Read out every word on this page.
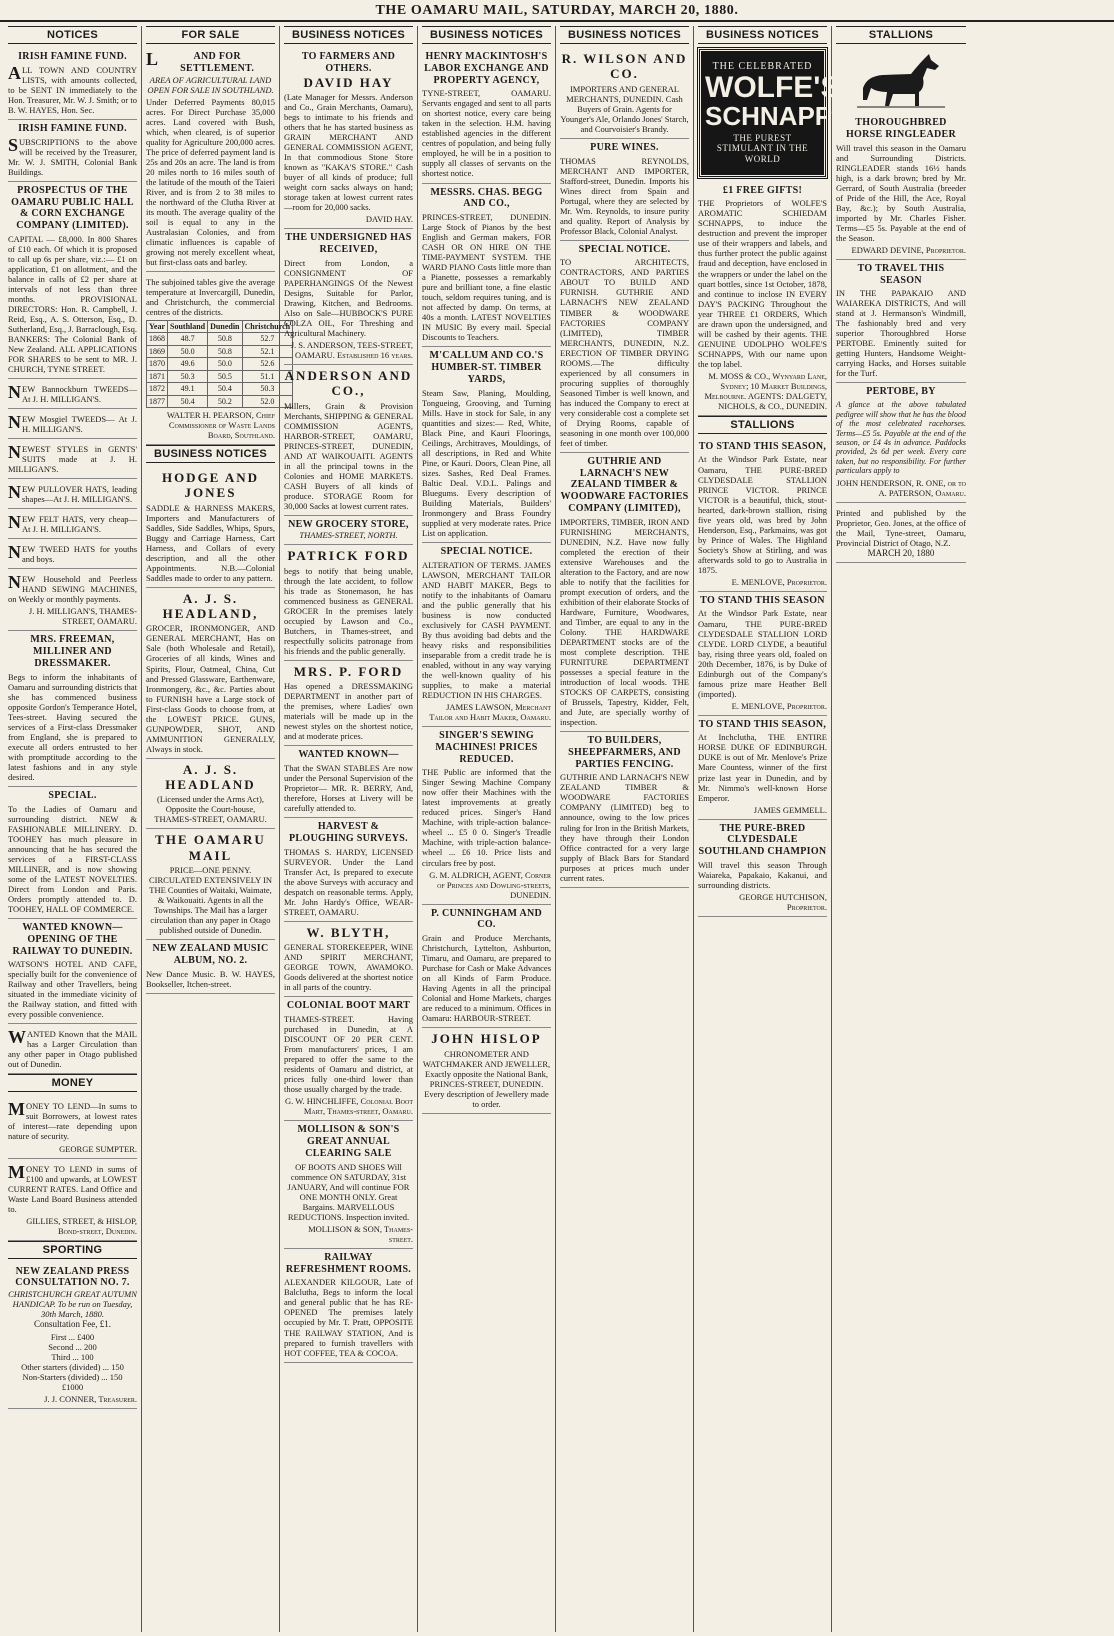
THE OAMARU MAIL, SATURDAY, MARCH 20, 1880.
NOTICES
IRISH FAMINE FUND.
ALL TOWN AND COUNTRY LISTS, with amounts collected, to be SENT IN immediately to the Hon. Treasurer, Mr. W. J. Smith; or to B. W. HAYES, Hon. Sec.
IRISH FAMINE FUND.
SUBSCRIPTIONS to the above will be received by the Treasurer, Mr. W. J. SMITH, Colonial Bank Buildings.
PROSPECTUS OF THE OAMARU PUBLIC HALL & CORN EXCHANGE COMPANY (LIMITED).
CAPITAL — £8,000. In 800 Shares of £10 each. Of which it is proposed to call up 6s per share, viz.:— £1 on application, £1 on allotment, and the balance in calls of £2 per share at intervals of not less than three months. PROVISIONAL DIRECTORS: Hon. R. Campbell, J. Reid, Esq., A. S. Otterson, Esq., D. Sutherland, Esq., J. Barraclough, Esq. BANKERS: The Colonial Bank of New Zealand. ALL APPLICATIONS FOR SHARES to be sent to MR. J. CHURCH, TYNE STREET.
NEW Bannockburn TWEEDS— At J. H. MILLIGAN'S.
NEW Mosgiel TWEEDS— At J. H. MILLIGAN'S.
NEWEST STYLES in GENTS' SUITS made at J. H. MILLIGAN'S.
NEW PULLOVER HATS, leading shapes—At J. H. MILLIGAN'S.
NEW FELT HATS, very cheap— At J. H. MILLIGAN'S.
NEW TWEED HATS for youths and boys.
NEW Household and Peerless HAND SEWING MACHINES, on Weekly or monthly payments.
J. H. MILLIGAN'S, THAMES-STREET, OAMARU.
MRS. FREEMAN, MILLINER AND DRESSMAKER.
Begs to inform the inhabitants of Oamaru and surrounding districts that she has commenced business opposite Gordon's Temperance Hotel, Tees-street. Having secured the services of a First-class Dressmaker from England, she is prepared to execute all orders entrusted to her with promptitude according to the latest fashions and in any style desired.
SPECIAL.
To the Ladies of Oamaru and surrounding district. NEW & FASHIONABLE MILLINERY. D. TOOHEY has much pleasure in announcing that he has secured the services of a FIRST-CLASS MILLINER, and is now showing some of the LATEST NOVELTIES. Direct from London and Paris. Orders promptly attended to. D. TOOHEY, HALL OF COMMERCE.
WANTED KNOWN—OPENING OF THE RAILWAY TO DUNEDIN.
WATSON'S HOTEL AND CAFE, specially built for the convenience of Railway and other Travellers, being situated in the immediate vicinity of the Railway station, and fitted with every possible convenience.
WANTED Known that the MAIL has a Larger Circulation than any other paper in Otago published out of Dunedin.
MONEY
MONEY TO LEND—In sums to suit Borrowers, at lowest rates of interest—rate depending upon nature of security.
GEORGE SUMPTER.
MONEY TO LEND in sums of £100 and upwards, at LOWEST CURRENT RATES. Land Office and Waste Land Board Business attended to.
GILLIES, STREET, & HISLOP, Bond-street, Dunedin.
SPORTING
NEW ZEALAND PRESS CONSULTATION NO. 7.
CHRISTCHURCH GREAT AUTUMN HANDICAP. To be run on Tuesday, 30th March, 1880.
Consultation Fee, £1.
First ... £400
Second ... 200
Third ... 100
Other starters (divided) ... 150
Non-Starters (divided) ... 150
£1000
J. J. CONNER, Treasurer.
FOR SALE
LAND FOR SETTLEMENT.
AREA OF AGRICULTURAL LAND OPEN FOR SALE IN SOUTHLAND.
Under Deferred Payments 80,015 acres. For Direct Purchase 35,000 acres. Land covered with Bush, which, when cleared, is of superior quality for Agriculture 200,000 acres. The price of deferred payment land is 25s and 20s an acre. The land is from 20 miles north to 16 miles south of the latitude of the mouth of the Taieri River, and is from 2 to 38 miles to the northward of the Clutha River at its mouth. The average quality of the soil is equal to any in the Australasian Colonies, and from climatic influences is capable of growing not merely excellent wheat, but first-class oats and barley.
The subjoined tables give the average temperature at Invercargill, Dunedin, and Christchurch, the commercial centres of the districts.
Year	Southland	Dunedin	Christchurch
1868	48.7	50.8	52.7
1869	50.0	50.8	52.1
1870	49.6	50.0	52.6
1871	50.3	50.5	51.1
1872	49.1	50.4	50.3
1877	50.4	50.2	52.0
WALTER H. PEARSON, Chief Commissioner of Waste Lands Board, Southland.
BUSINESS NOTICES
HODGE AND JONES
SADDLE & HARNESS MAKERS, Importers and Manufacturers of Saddles, Side Saddles, Whips, Spurs, Buggy and Carriage Harness, Cart Harness, and Collars of every description, and all the other Appointments. N.B.—Colonial Saddles made to order to any pattern.
A. J. S. HEADLAND,
GROCER, IRONMONGER, AND GENERAL MERCHANT, Has on Sale (both Wholesale and Retail), Groceries of all kinds, Wines and Spirits, Flour, Oatmeal, China, Cut and Pressed Glassware, Earthenware, Ironmongery, &c., &c. Parties about to FURNISH have a Large stock of First-class Goods to choose from, at the LOWEST PRICE. GUNS, GUNPOWDER, SHOT, AND AMMUNITION GENERALLY, Always in stock.
A. J. S. HEADLAND
(Licensed under the Arms Act), Opposite the Court-house, THAMES-STREET, OAMARU.
THE OAMARU MAIL
PRICE—ONE PENNY. CIRCULATED EXTENSIVELY IN THE Counties of Waitaki, Waimate, & Waikouaiti. Agents in all the Townships. The Mail has a larger circulation than any paper in Otago published outside of Dunedin.
NEW ZEALAND MUSIC ALBUM, NO. 2.
New Dance Music. B. W. HAYES, Bookseller, Itchen-street.
BUSINESS NOTICES
TO FARMERS AND OTHERS.
DAVID HAY
(Late Manager for Messrs. Anderson and Co., Grain Merchants, Oamaru), begs to intimate to his friends and others that he has started business as GRAIN MERCHANT AND GENERAL COMMISSION AGENT, In that commodious Stone Store known as "KAKA'S STORE." Cash buyer of all kinds of produce; full weight corn sacks always on hand; storage taken at lowest current rates—room for 20,000 sacks.
DAVID HAY.
THE UNDERSIGNED HAS RECEIVED,
Direct from London, a CONSIGNMENT OF PAPERHANGINGS Of the Newest Designs, Suitable for Parlor, Drawing, Kitchen, and Bedrooms. Also on Sale—HUBBOCK'S PURE COLZA OIL, For Threshing and Agricultural Machinery.
J. S. ANDERSON, TEES-STREET, OAMARU. Established 16 years.
ANDERSON AND CO.,
Millers, Grain & Provision Merchants, SHIPPING & GENERAL COMMISSION AGENTS, HARBOR-STREET, OAMARU, PRINCES-STREET, DUNEDIN, AND AT WAIKOUAITI. AGENTS in all the principal towns in the Colonies and HOME MARKETS. CASH Buyers of all kinds of produce. STORAGE Room for 30,000 Sacks at lowest current rates.
NEW GROCERY STORE,
THAMES-STREET, NORTH.
PATRICK FORD
begs to notify that being unable, through the late accident, to follow his trade as Stonemason, he has commenced business as GENERAL GROCER In the premises lately occupied by Lawson and Co., Butchers, in Thames-street, and respectfully solicits patronage from his friends and the public generally.
MRS. P. FORD
Has opened a DRESSMAKING DEPARTMENT in another part of the premises, where Ladies' own materials will be made up in the newest styles on the shortest notice, and at moderate prices.
WANTED KNOWN—
That the SWAN STABLES Are now under the Personal Supervision of the Proprietor— MR. R. BERRY, And, therefore, Horses at Livery will be carefully attended to.
HARVEST & PLOUGHING SURVEYS.
THOMAS S. HARDY, LICENSED SURVEYOR. Under the Land Transfer Act, Is prepared to execute the above Surveys with accuracy and despatch on reasonable terms. Apply, Mr. John Hardy's Office, WEAR-STREET, OAMARU.
W. BLYTH,
GENERAL STOREKEEPER, WINE AND SPIRIT MERCHANT, GEORGE TOWN, AWAMOKO. Goods delivered at the shortest notice in all parts of the country.
COLONIAL BOOT MART
THAMES-STREET. Having purchased in Dunedin, at A DISCOUNT OF 20 PER CENT. From manufacturers' prices, I am prepared to offer the same to the residents of Oamaru and district, at prices fully one-third lower than those usually charged by the trade.
G. W. HINCHLIFFE, Colonial Boot Mart, Thames-street, Oamaru.
MOLLISON & SON'S GREAT ANNUAL CLEARING SALE
OF BOOTS AND SHOES Will commence ON SATURDAY, 31st JANUARY, And will continue FOR ONE MONTH ONLY. Great Bargains. MARVELLOUS REDUCTIONS. Inspection invited.
MOLLISON & SON, Thames-street.
RAILWAY REFRESHMENT ROOMS.
ALEXANDER KILGOUR, Late of Balclutha, Begs to inform the local and general public that he has RE-OPENED The premises lately occupied by Mr. T. Pratt, OPPOSITE THE RAILWAY STATION, And is prepared to furnish travellers with HOT COFFEE, TEA & COCOA.
BUSINESS NOTICES
HENRY MACKINTOSH'S LABOR EXCHANGE AND PROPERTY AGENCY,
TYNE-STREET, OAMARU. Servants engaged and sent to all parts on shortest notice, every care being taken in the selection. H.M. having established agencies in the different centres of population, and being fully employed, he will be in a position to supply all classes of servants on the shortest notice.
MESSRS. CHAS. BEGG AND CO.,
PRINCES-STREET, DUNEDIN. Large Stock of Pianos by the best English and German makers, FOR CASH OR ON HIRE ON THE TIME-PAYMENT SYSTEM. THE WARD PIANO Costs little more than a Pianette, possesses a remarkably pure and brilliant tone, a fine elastic touch, seldom requires tuning, and is not affected by damp. On terms, at 40s a month. LATEST NOVELTIES IN MUSIC By every mail. Special Discounts to Teachers.
M'CALLUM AND CO.'S HUMBER-ST. TIMBER YARDS,
Steam Saw, Planing, Moulding, Tongueing, Grooving, and Turning Mills. Have in stock for Sale, in any quantities and sizes:— Red, White, Black Pine, and Kauri Floorings, Ceilings, Architraves, Mouldings, of all descriptions, in Red and White Pine, or Kauri. Doors, Clean Pine, all sizes. Sashes, Red Deal Frames. Baltic Deal. V.D.L. Palings and Bluegums. Every description of Building Materials, Builders' Ironmongery and Brass Foundry supplied at very moderate rates. Price List on application.
SPECIAL NOTICE.
ALTERATION OF TERMS. JAMES LAWSON, MERCHANT TAILOR AND HABIT MAKER, Begs to notify to the inhabitants of Oamaru and the public generally that his business is now conducted exclusively for CASH PAYMENT. By thus avoiding bad debts and the heavy risks and responsibilities inseparable from a credit trade he is enabled, without in any way varying the well-known quality of his supplies, to make a material REDUCTION IN HIS CHARGES.
JAMES LAWSON, Merchant Tailor and Habit Maker, Oamaru.
SINGER'S SEWING MACHINES! PRICES REDUCED.
THE Public are informed that the Singer Sewing Machine Company now offer their Machines with the latest improvements at greatly reduced prices. Singer's Hand Machine, with triple-action balance-wheel ... £5 0 0. Singer's Treadle Machine, with triple-action balance-wheel ... £6 10. Price lists and circulars free by post.
G. M. ALDRICH, AGENT, Corner of Princes and Dowling-streets, DUNEDIN.
P. CUNNINGHAM AND CO.
Grain and Produce Merchants, Christchurch, Lyttelton, Ashburton, Timaru, and Oamaru, are prepared to Purchase for Cash or Make Advances on all Kinds of Farm Produce. Having Agents in all the principal Colonial and Home Markets, charges are reduced to a minimum. Offices in Oamaru: HARBOUR-STREET.
JOHN HISLOP
CHRONOMETER AND WATCHMAKER AND JEWELLER, Exactly opposite the National Bank, PRINCES-STREET, DUNEDIN. Every description of Jewellery made to order.
BUSINESS NOTICES
R. WILSON AND CO.
IMPORTERS AND GENERAL MERCHANTS, DUNEDIN. Cash Buyers of Grain. Agents for Younger's Ale, Orlando Jones' Starch, and Courvoisier's Brandy.
PURE WINES.
THOMAS REYNOLDS, MERCHANT AND IMPORTER, Stafford-street, Dunedin. Imports his Wines direct from Spain and Portugal, where they are selected by Mr. Wm. Reynolds, to insure purity and quality. Report of Analysis by Professor Black, Colonial Analyst.
SPECIAL NOTICE.
TO ARCHITECTS, CONTRACTORS, AND PARTIES ABOUT TO BUILD AND FURNISH. GUTHRIE AND LARNACH'S NEW ZEALAND TIMBER & WOODWARE FACTORIES COMPANY (LIMITED), TIMBER MERCHANTS, DUNEDIN, N.Z. ERECTION OF TIMBER DRYING ROOMS.—The difficulty experienced by all consumers in procuring supplies of thoroughly Seasoned Timber is well known, and has induced the Company to erect at very considerable cost a complete set of Drying Rooms, capable of seasoning in one month over 100,000 feet of timber.
GUTHRIE AND LARNACH'S NEW ZEALAND TIMBER & WOODWARE FACTORIES COMPANY (LIMITED),
IMPORTERS, TIMBER, IRON AND FURNISHING MERCHANTS, DUNEDIN, N.Z. Have now fully completed the erection of their extensive Warehouses and the alteration to the Factory, and are now able to notify that the facilities for prompt execution of orders, and the exhibition of their elaborate Stocks of Hardware, Furniture, Woodwares, and Timber, are equal to any in the Colony. THE HARDWARE DEPARTMENT stocks are of the most complete description. THE FURNITURE DEPARTMENT possesses a special feature in the introduction of local woods. THE STOCKS OF CARPETS, consisting of Brussels, Tapestry, Kidder, Felt, and Jute, are specially worthy of inspection.
TO BUILDERS, SHEEPFARMERS, AND PARTIES FENCING.
GUTHRIE AND LARNACH'S NEW ZEALAND TIMBER & WOODWARE FACTORIES COMPANY (LIMITED) beg to announce, owing to the low prices ruling for Iron in the British Markets, they have through their London Office contracted for a very large supply of Black Bars for Standard purposes at prices much under current rates.
BUSINESS NOTICES
THE CELEBRATED
WOLFE'S
SCHNAPPS
THE PUREST STIMULANT IN THE WORLD
£1 FREE GIFTS!
THE Proprietors of WOLFE'S AROMATIC SCHIEDAM SCHNAPPS, to induce the destruction and prevent the improper use of their wrappers and labels, and thus further protect the public against fraud and deception, have enclosed in the wrappers or under the label on the quart bottles, since 1st October, 1878, and continue to inclose IN EVERY DAY'S PACKING Throughout the year THREE £1 ORDERS, Which are drawn upon the undersigned, and will be cashed by their agents. THE GENUINE UDOLPHO WOLFE'S SCHNAPPS, With our name upon the top label.
M. MOSS & CO., Wynyard Lane, Sydney; 10 Market Buildings, Melbourne. AGENTS: DALGETY, NICHOLS, & CO., DUNEDIN.
STALLIONS
TO STAND THIS SEASON,
At the Windsor Park Estate, near Oamaru, THE PURE-BRED CLYDESDALE STALLION PRINCE VICTOR. PRINCE VICTOR is a beautiful, thick, stout-hearted, dark-brown stallion, rising five years old, was bred by John Henderson, Esq., Parkmains, was got by Prince of Wales. The Highland Society's Show at Stirling, and was afterwards sold to go to Australia in 1875.
E. MENLOVE, Proprietor.
TO STAND THIS SEASON
At the Windsor Park Estate, near Oamaru, THE PURE-BRED CLYDESDALE STALLION LORD CLYDE. LORD CLYDE, a beautiful bay, rising three years old, foaled on 20th December, 1876, is by Duke of Edinburgh out of the Company's famous prize mare Heather Bell (imported).
E. MENLOVE, Proprietor.
TO STAND THIS SEASON,
At Inchclutha, THE ENTIRE HORSE DUKE OF EDINBURGH. DUKE is out of Mr. Menlove's Prize Mare Countess, winner of the first prize last year in Dunedin, and by Mr. Nimmo's well-known Horse Emperor.
JAMES GEMMELL.
THE PURE-BRED CLYDESDALE SOUTHLAND CHAMPION
Will travel this season Through Waiareka, Papakaio, Kakanui, and surrounding districts.
GEORGE HUTCHISON, Proprietor.
STALLIONS
THOROUGHBRED HORSE RINGLEADER
Will travel this season in the Oamaru and Surrounding Districts. RINGLEADER stands 16½ hands high, is a dark brown; bred by Mr. Gerrard, of South Australia (breeder of Pride of the Hill, the Ace, Royal Bay, &c.); by South Australia, imported by Mr. Charles Fisher. Terms—£5 5s. Payable at the end of the Season.
EDWARD DEVINE, Proprietor.
TO TRAVEL THIS SEASON
IN THE PAPAKAIO AND WAIAREKA DISTRICTS, And will stand at J. Hermanson's Windmill, The fashionably bred and very superior Thoroughbred Horse PERTOBE. Eminently suited for getting Hunters, Handsome Weight-carrying Hacks, and Horses suitable for the Turf.
PERTOBE, BY
A glance at the above tabulated pedigree will show that he has the blood of the most celebrated racehorses. Terms—£5 5s. Payable at the end of the season, or £4 4s in advance. Paddocks provided, 2s 6d per week. Every care taken, but no responsibility. For further particulars apply to
JOHN HENDERSON, R. ONE, or to A. PATERSON, Oamaru.
Printed and published by the Proprietor, Geo. Jones, at the office of the Mail, Tyne-street, Oamaru, Provincial District of Otago, N.Z.
MARCH 20, 1880
